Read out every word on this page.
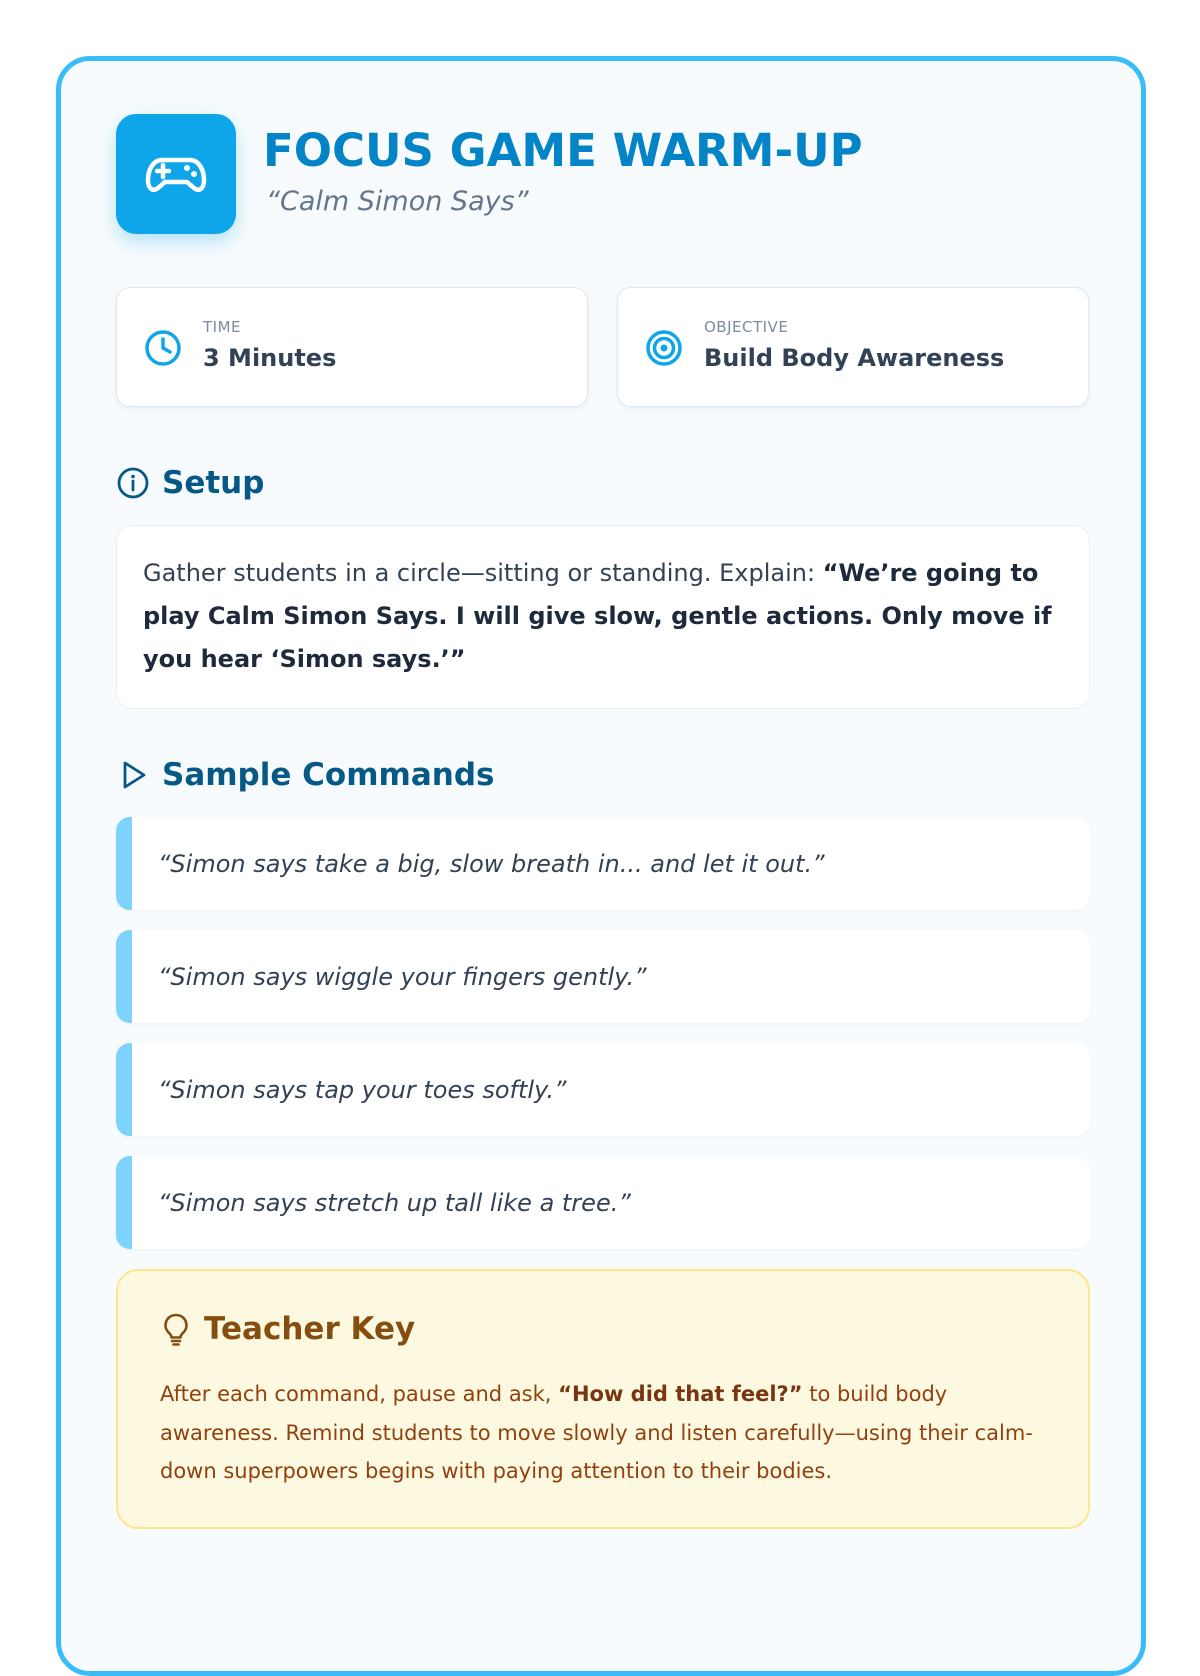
FOCUS GAME WARM-UP
“Calm Simon Says”
TIME
3 Minutes
OBJECTIVE
Build Body Awareness
Setup
Gather students in a circle—sitting or standing. Explain: “We’re going to play Calm Simon Says. I will give slow, gentle actions. Only move if you hear ‘Simon says.’”
Sample Commands
“Simon says take a big, slow breath in... and let it out.”
“Simon says wiggle your fingers gently.”
“Simon says tap your toes softly.”
“Simon says stretch up tall like a tree.”
Teacher Key
After each command, pause and ask, “How did that feel?” to build body awareness. Remind students to move slowly and listen carefully—using their calm-down superpowers begins with paying attention to their bodies.
